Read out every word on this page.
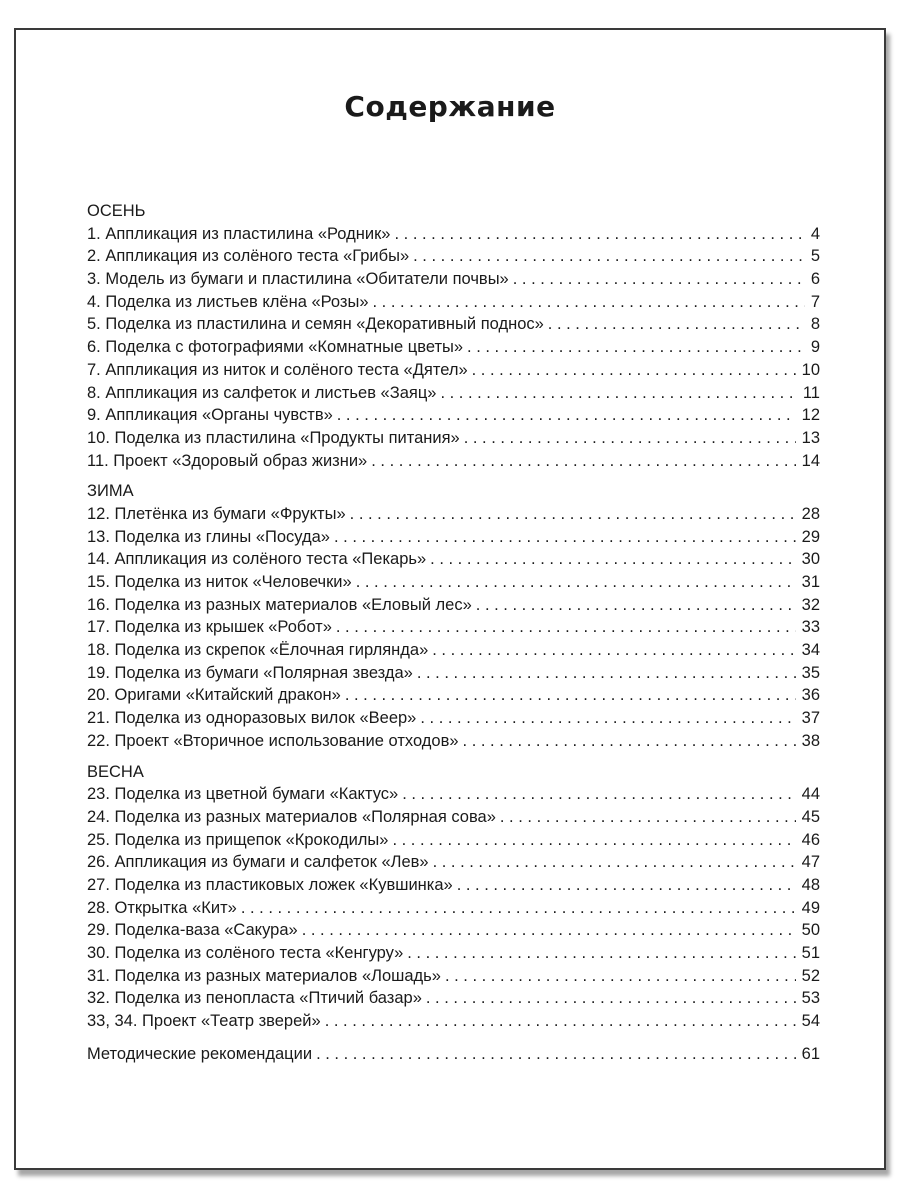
Содержание
ОСЕНЬ
1. Аппликация из пластилина «Родник» . . .	4
2. Аппликация из солёного теста «Грибы» . . .	5
3. Модель из бумаги и пластилина «Обитатели почвы» . . .	6
4. Поделка из листьев клёна «Розы» . . .	7
5. Поделка из пластилина и семян «Декоративный поднос» . . .	8
6. Поделка с фотографиями «Комнатные цветы» . . .	9
7. Аппликация из ниток и солёного теста «Дятел» . . .	10
8. Аппликация из салфеток и листьев «Заяц» . . .	11
9. Аппликация «Органы чувств» . . .	12
10. Поделка из пластилина «Продукты питания» . . .	13
11. Проект «Здоровый образ жизни» . . .	14
ЗИМА
12. Плетёнка из бумаги «Фрукты» . . .	28
13. Поделка из глины «Посуда» . . .	29
14. Аппликация из солёного теста «Пекарь» . . .	30
15. Поделка из ниток «Человечки» . . .	31
16. Поделка из разных материалов «Еловый лес» . . .	32
17. Поделка из крышек «Робот» . . .	33
18. Поделка из скрепок «Ёлочная гирлянда» . . .	34
19. Поделка из бумаги «Полярная звезда» . . .	35
20. Оригами «Китайский дракон» . . .	36
21. Поделка из одноразовых вилок «Веер» . . .	37
22. Проект «Вторичное использование отходов» . . .	38
ВЕСНА
23. Поделка из цветной бумаги «Кактус» . . .	44
24. Поделка из разных материалов «Полярная сова» . . .	45
25. Поделка из прищепок «Крокодилы» . . .	46
26. Аппликация из бумаги и салфеток «Лев» . . .	47
27. Поделка из пластиковых ложек «Кувшинка» . . .	48
28. Открытка «Кит» . . .	49
29. Поделка-ваза «Сакура» . . .	50
30. Поделка из солёного теста «Кенгуру» . . .	51
31. Поделка из разных материалов «Лошадь» . . .	52
32. Поделка из пенопласта «Птичий базар» . . .	53
33, 34. Проект «Театр зверей» . . .	54
Методические рекомендации . . .	61
